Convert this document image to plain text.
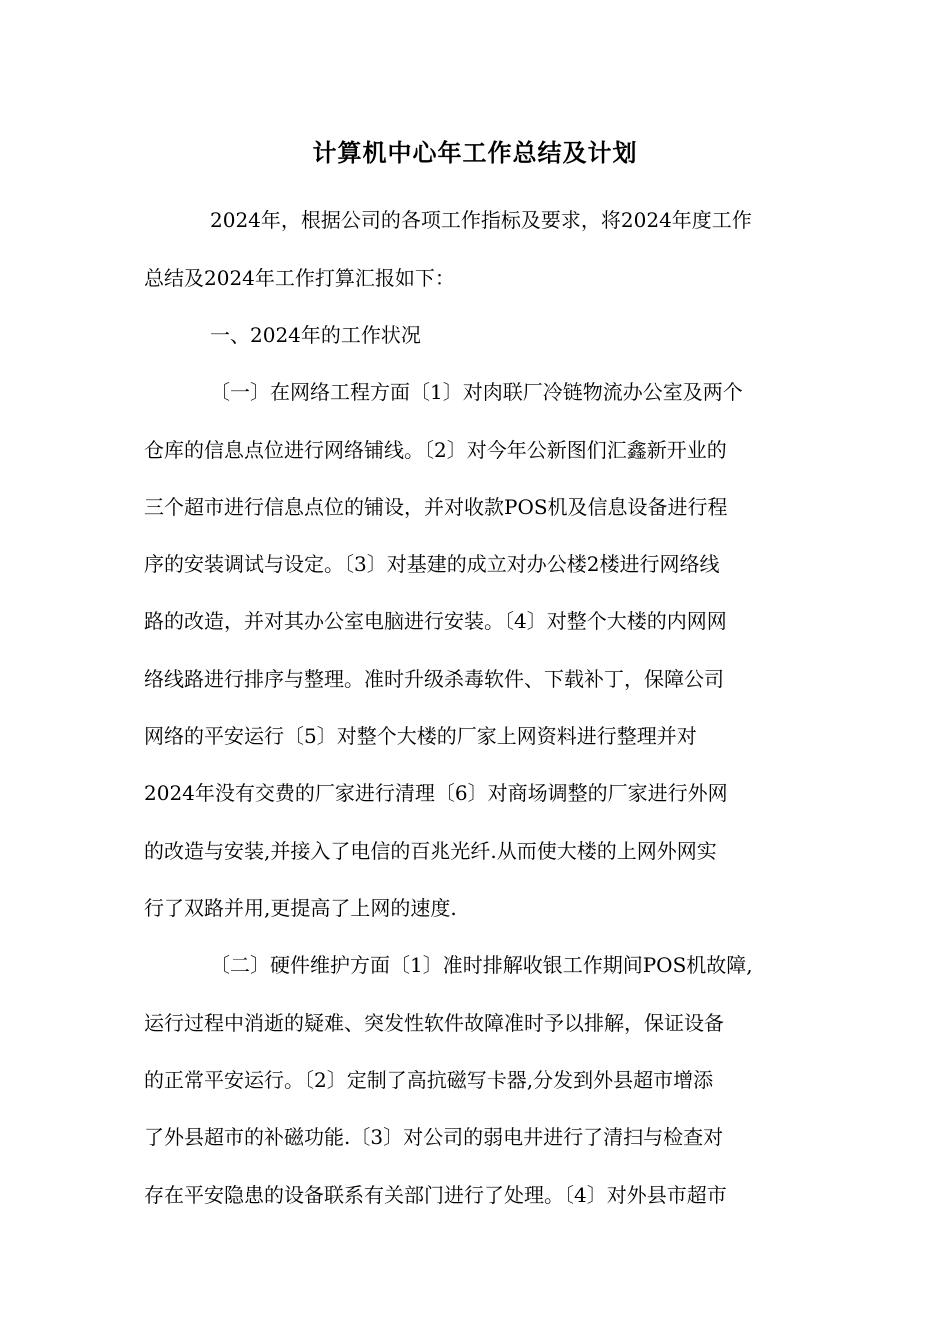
计算机中心年工作总结及计划

2024年，根据公司的各项工作指标及要求，将2024年度工作

总结及2024年工作打算汇报如下：

一、2024年的工作状况

〔一〕在网络工程方面〔1〕对肉联厂冷链物流办公室及两个

仓库的信息点位进行网络铺线。〔2〕对今年公新图们汇鑫新开业的

三个超市进行信息点位的铺设，并对收款POS机及信息设备进行程

序的安装调试与设定。〔3〕对基建的成立对办公楼2楼进行网络线

路的改造，并对其办公室电脑进行安装。〔4〕对整个大楼的内网网

络线路进行排序与整理。准时升级杀毒软件、下载补丁，保障公司

网络的平安运行〔5〕对整个大楼的厂家上网资料进行整理并对

2024年没有交费的厂家进行清理〔6〕对商场调整的厂家进行外网

的改造与安装,并接入了电信的百兆光纤.从而使大楼的上网外网实

行了双路并用,更提高了上网的速度.

〔二〕硬件维护方面〔1〕准时排解收银工作期间POS机故障,

运行过程中消逝的疑难、突发性软件故障准时予以排解，保证设备

的正常平安运行。〔2〕定制了高抗磁写卡器,分发到外县超市增添

了外县超市的补磁功能.〔3〕对公司的弱电井进行了清扫与检查对

存在平安隐患的设备联系有关部门进行了处理。〔4〕对外县市超市
